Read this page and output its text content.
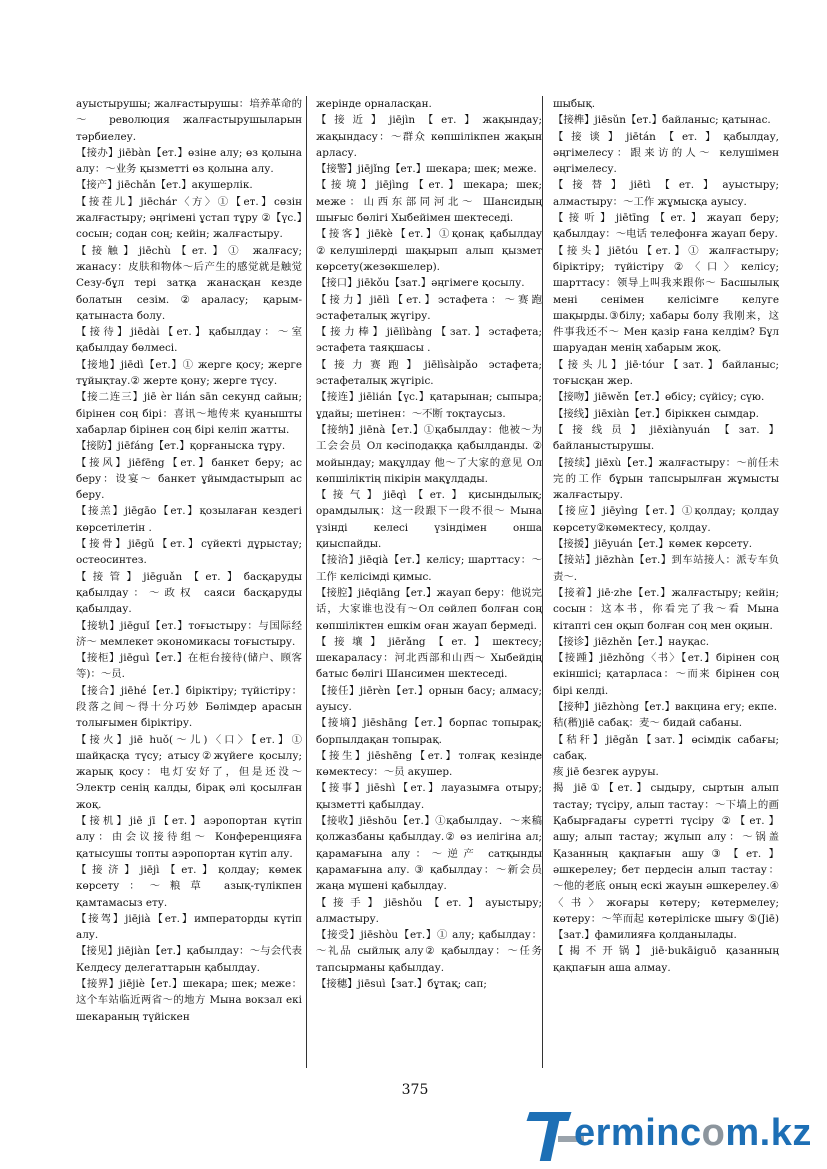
ауыстырушы; жалғастырушы：培养革命的～ революция жалғастырушыларын тәрбиелеу.

【接办】jiēbàn【ет.】өзіне алу; өз қолына алу：～业务 қызметті өз қолына алу.

【接产】jiēchǎn【ет.】акушерлік.

【接茬儿】jiēchár〈方〉①【ет.】сөзін жалғастыру; әңгімені ұстап тұру ②【үс.】сосын; содан соң; кейін; жалғастыру.

【接触】jiēchù【ет.】① жалғасу; жанасу：皮肤和物体～后产生的感觉就是触觉 Сезу-бұл тері затқа жанасқан кезде болатын сезім.②араласу; қарым-қатынаста болу.

【接待】jiēdài【ет.】қабылдау：～室 қабылдау бөлмесі.

【接地】jiēdì【ет.】① жерге қосу; жерге тұйықтау.② жерте қону; жерге түсу.

【接二连三】jiē èr lián sān секунд сайын; бірінен соң бірі：喜讯～地传来 қуанышты хабарлар бірінен соң бірі келіп жатты.

【接防】jiēfáng【ет.】қорғаныска тұру.

【接风】jiēfēng【ет.】банкет беру; ас беру：设宴～ банкет ұйымдастырып ас беру.

【接羔】jiēgāo【ет.】қозылаған кездегі көрсетілетін .

【接骨】jiēgǔ【ет.】сүйекті дұрыстау; остеосинтез.

【接管】jiēguǎn【ет.】басқаруды қабылдау：～政权 саяси басқаруды қабылдау.

【接轨】jiēguǐ【ет.】тоғыстыру：与国际经济～ мемлекет экономикасы тоғыстыру.

【接柜】jiēguì【ет.】在柜台接待(储户、顾客等)：～员.

【接合】jiēhé【ет.】біріктіру; түйістіру：段落之间～得十分巧妙 Бөлімдер арасын толығымен біріктіру.

【接火】jiē huǒ(～儿)〈口〉【ет.】① шайқасқа түсу; атысу②жүйеге қосылу; жарық қосу：电灯安好了，但是还没～ Электр сенің калды, бірақ әлі қосылған жоқ.

【接机】jiē jī【ет.】аэропортан күтіп алу：由会议接待组～ Конференцияға қатысушы топты аэропортан күтіп алу.

【接济】jiējì【ет.】қолдау; көмек көрсету：～粮草 азық-түлікпен қамтамасыз ету.

【接驾】jiējià【ет.】императорды күтіп алу.

【接见】jiējiàn【ет.】қабылдау：～与会代表 Келдесу делегаттарын қабылдау.

【接界】jiējiè【ет.】шекара; шек; межe：这个车站临近两省～的地方 Мына вокзал екі шекараның түйіскен

жерінде орналасқан.

【接近】jiējìn【ет.】жақындау; жақындасу：～群众 көпшілікпен жақын арласу.

【接警】jiējǐng【ет.】шекара; шек; межe.

【接境】jiējìng【ет.】шекара; шек; межe：山西东部同河北～ Шансидың шығыс бөлігі Хыбейімен шектеседі.

【接客】jiēkè【ет.】①қонақ қабылдау ②келушілерді шақырып алып қызмет көрсету(жезөкшелер).

【接口】jiēkǒu【зат.】әңгімеге қосылу.

【接力】jiēlì【ет.】эстафета：～赛跑 эстафеталық жүгіру.

【接力棒】jiēlìbàng【зат.】эстафета; эстафета таяқшасы .

【接力赛跑】jiēlìsàipǎo эстафета; эстафеталық жүгіріс.

【接连】jiēlián【үс.】қатарынан; сыпыра; ұдайы; шетінен：～不断 тоқтаусыз.

【接纳】jiēnà【ет.】①қабылдау：他被～为工会会员 Ол кәсіподаққа қабылданды. ② мойындау; мақұлдау 他～了大家的意见 Ол көпшіліктің пікірін мақұлдады.

【接气】jiēqì【ет.】қисындылық; орамдылық：这一段跟下一段不很～ Мына үзінді келесі үзіндімен онша қиыспайды.

【接洽】jiēqià【ет.】келісу; шарттасу：～工作 келісімді қимыс.

【接腔】jiēqiāng【ет.】жауап беру：他说完话，大家谁也没有～Ол сөйлеп болған соң көпшіліктен ешкім оған жауап бермеді.

【接壤】jiērǎng【ет.】шектесу; шекараласу：河北西部和山西～ Хыбейдің батыс бөлігі Шансимен шектеседі.

【接任】jiērèn【ет.】орнын басу; алмасу; ауысу.

【接墒】jiēshāng【ет.】борпас топырақ; борпылдақан топырақ.

【接生】jiēshēng【ет.】толғақ кезінде көмектесу：～员 акушер.

【接事】jiēshì【ет.】лауазымға отыру; қызметті қабылдау.

【接收】jiēshōu【ет.】①қабылдау．～来稿 қолжазбаны қабылдау.② өз иелігіна ал; қарамағына алу：～逆产 сатқынды қарамағына алу. ③ қабылдау：～新会员 жаңа мүшені қабылдау.

【接手】jiēshǒu【ет.】ауыстыру; алмастыру.

【接受】jiēshòu【ет.】① алу; қабылдау：～礼品 сыйлық алу② қабылдау：～任务 тапсырманы қабылдау.

【接穗】jiēsuì【зат.】бұтақ; сап;

шыбық.

【接榫】jiēsǔn【ет.】байланыс; қатынас.

【接谈】jiētán【ет.】қабылдау, әңгімелесу：跟来访的人～ келушімен әңгімелесу.

【接替】jiētì【ет.】ауыстыру; алмастыру：～工作 жұмысқа ауысу.

【接听】jiētīng【ет.】жауап беру; қабылдау：～电话 телефонға жауап беру.

【接头】jiētóu【ет.】① жалғастыру; біріктіру; түйістіру ②〈口〉келісу; шарттасу：领导上叫我来跟你～ Басшылық мені сенімен келісімге келуге шақырды.③білу; хабары болу 我刚来，这件事我还不～ Мен қазір ғана келдім? Бұл шаруадан менің хабарым жоқ.

【接头儿】jiē·tóur【зат.】байланыс; тоғысқан жер.

【接吻】jiēwěn【ет.】өбісу; сүйісу; сүю.

【接线】jiēxiàn【ет.】біріккен сымдар.

【接线员】jiēxiànyuán【зат.】байланыстырушы.

【接续】jiēxù【ет.】жалғастыру：～前任未完的工作 бұрын тапсырылған жұмысты жалғастыру.

【接应】jiēyìng【ет.】①қолдау; қолдау көрсету②көмектесу, қолдау.

【接援】jiēyuán【ет.】көмек көрсету.

【接站】jiēzhàn【ет.】到车站接人：派专车负责～.

【接着】jiē·zhe【ет.】жалғастыру; кейін; сосын：这本书，你看完了我～看 Мына кітапті сен оқып болған соң мен оқиын.

【接诊】jiēzhěn【ет.】науқас.

【接踵】jiēzhǒng〈书〉【ет.】бірінен соң екіншісі; қатарласа：～而来 бірінен соң бірі келді.

【接种】jiēzhòng【ет.】вакцина егу; екпе.

秸(稭)jiē сабақ：麦～ бидай сабаны.

【秸秆】jiēgǎn【зат.】өсімдік сабағы; сабақ.

痎 jiē безгек ауруы.

揭 jiē①【ет.】сыдыру, сыртын алып тастау; түсіру, алып тастау：～下墙上的画 Қабырғадағы суретті түсіру ②【ет.】ашу; алып тастау; жұлып алу：～锅盖 Қазанның қақпағын ашу③【ет.】әшкерелеу; бет пердесін алып тастау：～他的老底 оның ескі жауын әшкерелеу.④〈书〉жоғары көтеру; көтермелеу; көтеру：～竿而起 көтерілiске шығу ⑤(Jiē)【зат.】фамилияға қолданылады.

【揭不开锅】jiē·bukāiguō қазанның қақпағын аша алмау.

375
ermincom.kz
